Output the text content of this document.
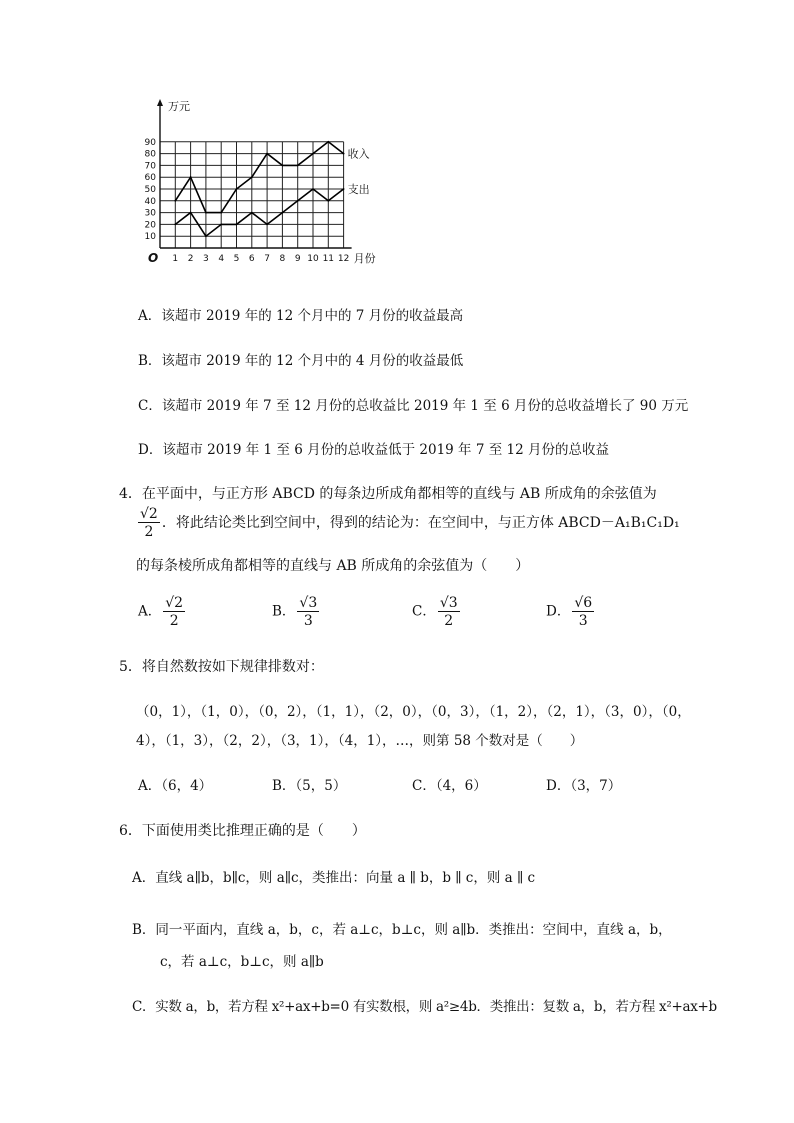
10
20
30
40
50
60
70
80
90
1 2 3 4 5 6 7 8 9 10 11 12
O
万元
月份
收入
支出
A．该超市 2019 年的 12 个月中的 7 月份的收益最高
B．该超市 2019 年的 12 个月中的 4 月份的收益最低
C．该超市 2019 年 7 至 12 月份的总收益比 2019 年 1 至 6 月份的总收益增长了 90 万元
D．该超市 2019 年 1 至 6 月份的总收益低于 2019 年 7 至 12 月份的总收益
4．在平面中，与正方形 ABCD 的每条边所成角都相等的直线与 AB 所成角的余弦值为
$\frac{√2}{2}$ ．将此结论类比到空间中，得到的结论为：在空间中，与正方体 ABCD－A₁B₁C₁D₁
的每条棱所成角都相等的直线与 AB 所成角的余弦值为（　　）
A． $\frac{√2}{2}$	B． $\frac{√3}{3}$	C． $\frac{√3}{2}$	D． $\frac{√6}{3}$
5．将自然数按如下规律排数对：
（0，1），（1，0），（0，2），（1，1），（2，0），（0，3），（1，2），（2，1），（3，0），（0，
4），（1，3），（2，2），（3，1），（4，1），…，则第 58 个数对是（　　）
A．（6，4）	B．（5，5）	C．（4，6）	D．（3，7）
6．下面使用类比推理正确的是（　　）
A．直线 a∥b，b∥c，则 a∥c，类推出：向量 a ∥ b，b ∥ c，则 a ∥ c
B．同一平面内，直线 a，b，c，若 a⊥c，b⊥c，则 a∥b．类推出：空间中，直线 a，b，
c，若 a⊥c，b⊥c，则 a∥b
C．实数 a，b，若方程 x²+ax+b=0 有实数根，则 a²≥4b．类推出：复数 a，b，若方程 x²+ax+b
